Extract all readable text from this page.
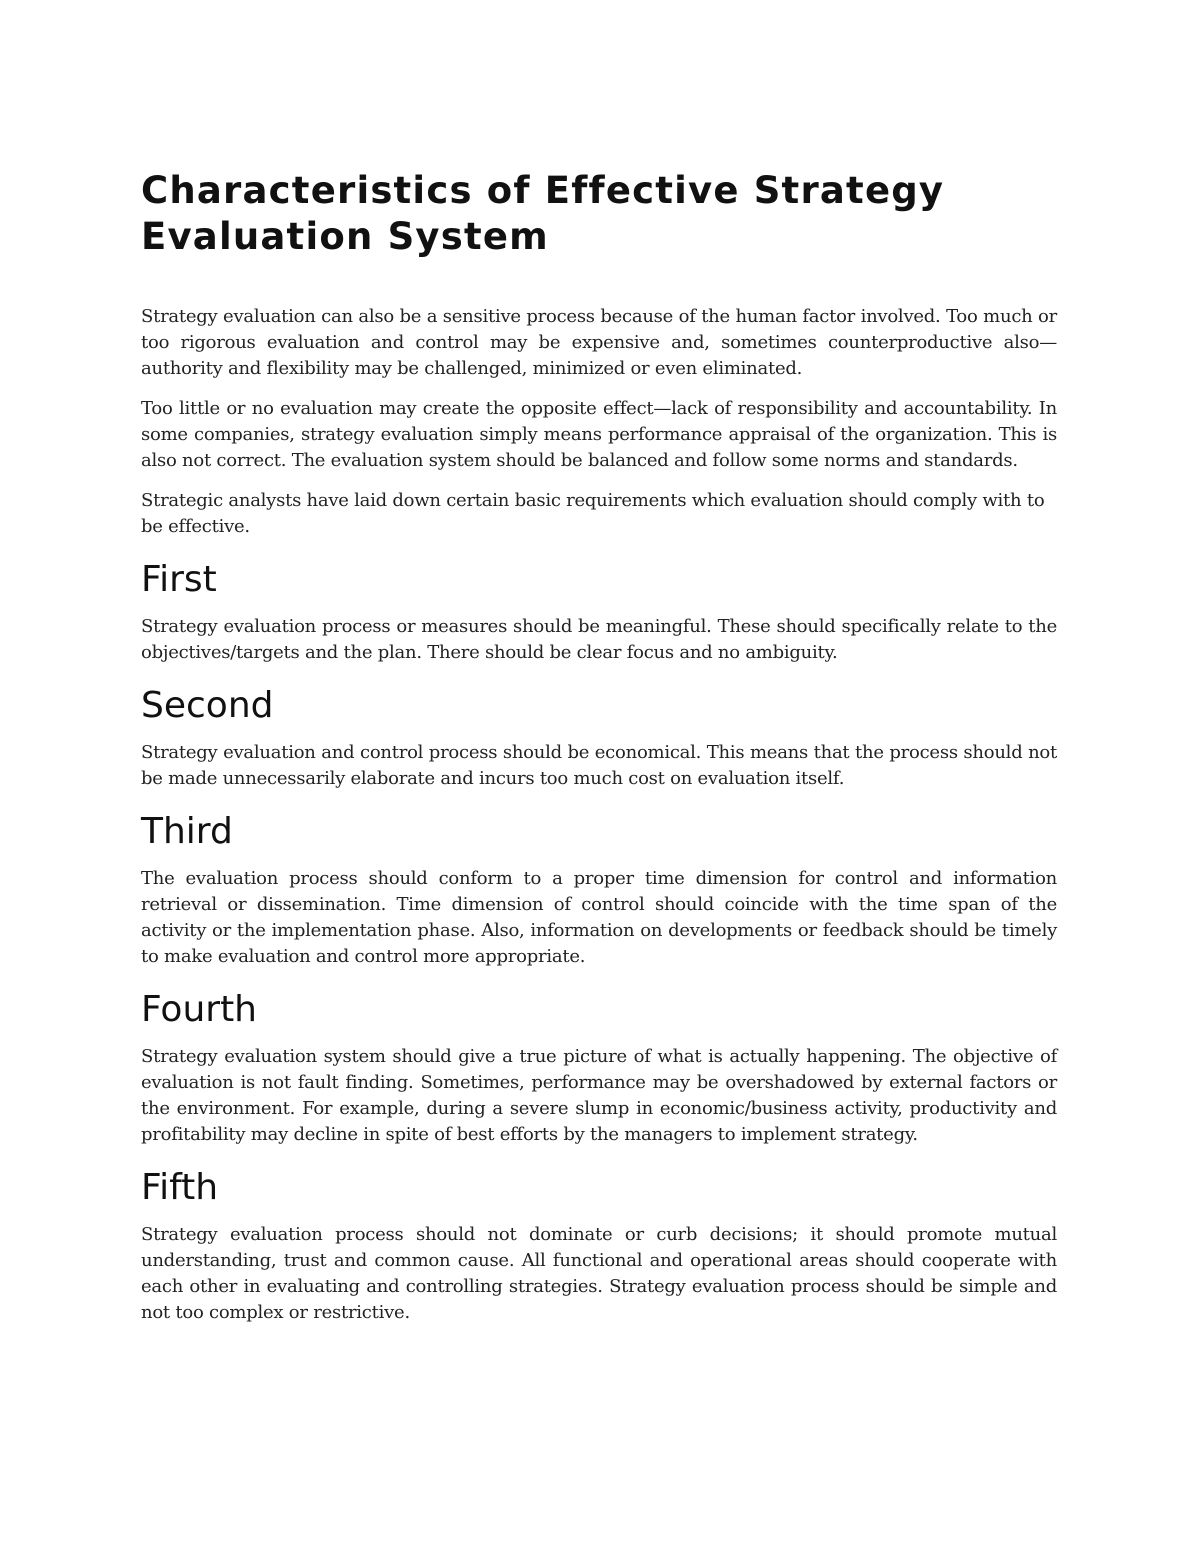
Characteristics of Effective Strategy Evaluation System

Strategy evaluation can also be a sensitive process because of the human factor involved. Too much or too rigorous evaluation and control may be expensive and, sometimes counterproductive also—authority and flexibility may be challenged, minimized or even eliminated.

Too little or no evaluation may create the opposite effect—lack of responsibility and accountability. In some companies, strategy evaluation simply means performance appraisal of the organization. This is also not correct. The evaluation system should be balanced and follow some norms and standards.

Strategic analysts have laid down certain basic requirements which evaluation should comply with to be effective.

First

Strategy evaluation process or measures should be meaningful. These should specifically relate to the objectives/targets and the plan. There should be clear focus and no ambiguity.

Second

Strategy evaluation and control process should be economical. This means that the process should not be made unnecessarily elaborate and incurs too much cost on evaluation itself.

Third

The evaluation process should conform to a proper time dimension for control and information retrieval or dissemination. Time dimension of control should coincide with the time span of the activity or the implementation phase. Also, information on developments or feedback should be timely to make evaluation and control more appropriate.

Fourth

Strategy evaluation system should give a true picture of what is actually happening. The objective of evaluation is not fault finding. Sometimes, performance may be overshadowed by external factors or the environment. For example, during a severe slump in economic/business activity, productivity and profitability may decline in spite of best efforts by the managers to implement strategy.

Fifth

Strategy evaluation process should not dominate or curb decisions; it should promote mutual understanding, trust and common cause. All functional and operational areas should cooperate with each other in evaluating and controlling strategies. Strategy evaluation process should be simple and not too complex or restrictive.
